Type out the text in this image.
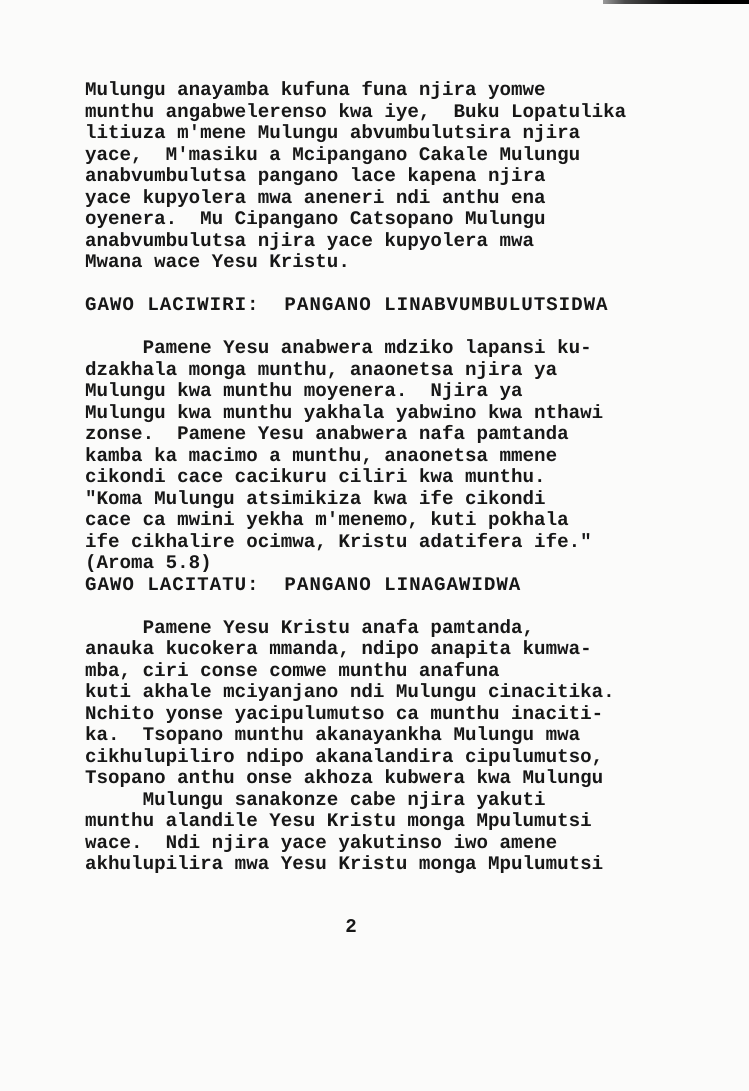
Mulungu anayamba kufuna funa njira yomwe
munthu angabwelerenso kwa iye,  Buku Lopatulika
litiuza m'mene Mulungu abvumbulutsira njira
yace,  M'masiku a Mcipangano Cakale Mulungu
anabvumbulutsa pangano lace kapena njira
yace kupyolera mwa aneneri ndi anthu ena
oyenera.  Mu Cipangano Catsopano Mulungu
anabvumbulutsa njira yace kupyolera mwa
Mwana wace Yesu Kristu.

GAWO LACIWIRI:  PANGANO LINABVUMBULUTSIDWA

Pamene Yesu anabwera mdziko lapansi ku-
dzakhala monga munthu, anaonetsa njira ya
Mulungu kwa munthu moyenera.  Njira ya
Mulungu kwa munthu yakhala yabwino kwa nthawi
zonse.  Pamene Yesu anabwera nafa pamtanda
kamba ka macimo a munthu, anaonetsa mmene
cikondi cace cacikuru ciliri kwa munthu.
"Koma Mulungu atsimikiza kwa ife cikondi
cace ca mwini yekha m'menemo, kuti pokhala
ife cikhalire ocimwa, Kristu adatifera ife."
(Aroma 5.8)
GAWO LACITATU:  PANGANO LINAGAWIDWA

Pamene Yesu Kristu anafa pamtanda,
anauka kucokera mmanda, ndipo anapita kumwa-
mba, ciri conse comwe munthu anafuna
kuti akhale mciyanjano ndi Mulungu cinacitika.
Nchito yonse yacipulumutso ca munthu inaciti-
ka.  Tsopano munthu akanayankha Mulungu mwa
cikhulupiliro ndipo akanalandira cipulumutso,
Tsopano anthu onse akhoza kubwera kwa Mulungu
Mulungu sanakonze cabe njira yakuti
munthu alandile Yesu Kristu monga Mpulumutsi
wace.  Ndi njira yace yakutinso iwo amene
akhulupilira mwa Yesu Kristu monga Mpulumutsi
2
